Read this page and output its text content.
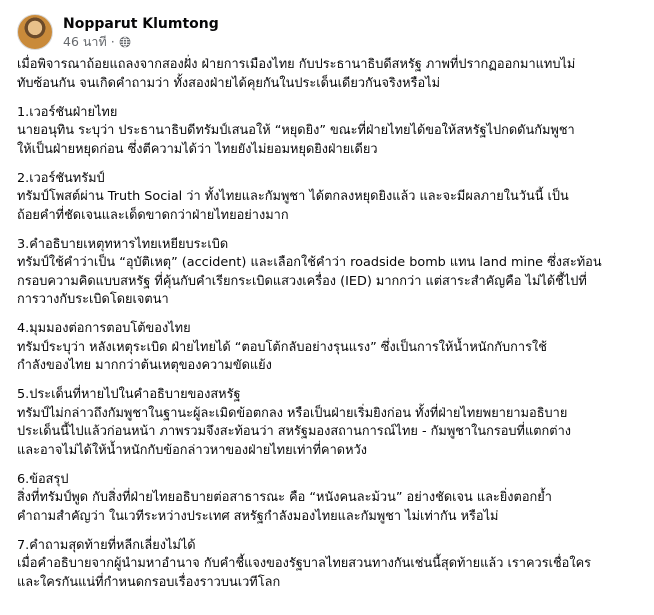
Nopparut Klumtong
46 นาที ·

เมื่อพิจารณาถ้อยแถลงจากสองฝั่ง ฝ่ายการเมืองไทย กับประธานาธิบดีสหรัฐ ภาพที่ปรากฏออกมาแทบไม่
ทับซ้อนกัน จนเกิดคำถามว่า ทั้งสองฝ่ายได้คุยกันในประเด็นเดียวกันจริงหรือไม่

1.เวอร์ชันฝ่ายไทย
นายอนุทิน ระบุว่า ประธานาธิบดีทรัมป์เสนอให้ “หยุดยิง” ขณะที่ฝ่ายไทยได้ขอให้สหรัฐไปกดดันกัมพูชา
ให้เป็นฝ่ายหยุดก่อน ซึ่งตีความได้ว่า ไทยยังไม่ยอมหยุดยิงฝ่ายเดียว

2.เวอร์ชันทรัมป์
ทรัมป์โพสต์ผ่าน Truth Social ว่า ทั้งไทยและกัมพูชา ได้ตกลงหยุดยิงแล้ว และจะมีผลภายในวันนี้ เป็น
ถ้อยคำที่ชัดเจนและเด็ดขาดกว่าฝ่ายไทยอย่างมาก

3.คำอธิบายเหตุทหารไทยเหยียบระเบิด
ทรัมป์ใช้คำว่าเป็น “อุบัติเหตุ” (accident) และเลือกใช้คำว่า roadside bomb แทน land mine ซึ่งสะท้อน
กรอบความคิดแบบสหรัฐ ที่คุ้นกับคำเรียกระเบิดแสวงเครื่อง (IED) มากกว่า แต่สาระสำคัญคือ ไม่ได้ชี้ไปที่
การวางกับระเบิดโดยเจตนา

4.มุมมองต่อการตอบโต้ของไทย
ทรัมป์ระบุว่า หลังเหตุระเบิด ฝ่ายไทยได้ “ตอบโต้กลับอย่างรุนแรง” ซึ่งเป็นการให้น้ำหนักกับการใช้
กำลังของไทย มากกว่าต้นเหตุของความขัดแย้ง

5.ประเด็นที่หายไปในคำอธิบายของสหรัฐ
ทรัมป์ไม่กล่าวถึงกัมพูชาในฐานะผู้ละเมิดข้อตกลง หรือเป็นฝ่ายเริ่มยิงก่อน ทั้งที่ฝ่ายไทยพยายามอธิบาย
ประเด็นนี้ไปแล้วก่อนหน้า ภาพรวมจึงสะท้อนว่า สหรัฐมองสถานการณ์ไทย - กัมพูชาในกรอบที่แตกต่าง
และอาจไม่ได้ให้น้ำหนักกับข้อกล่าวหาของฝ่ายไทยเท่าที่คาดหวัง

6.ข้อสรุป
สิ่งที่ทรัมป์พูด กับสิ่งที่ฝ่ายไทยอธิบายต่อสาธารณะ คือ “หนังคนละม้วน” อย่างชัดเจน และยิ่งตอกย้ำ
คำถามสำคัญว่า ในเวทีระหว่างประเทศ สหรัฐกำลังมองไทยและกัมพูชา ไม่เท่ากัน หรือไม่

7.คำถามสุดท้ายที่หลีกเลี่ยงไม่ได้
เมื่อคำอธิบายจากผู้นำมหาอำนาจ กับคำชี้แจงของรัฐบาลไทยสวนทางกันเช่นนี้สุดท้ายแล้ว เราควรเชื่อใคร
และใครกันแน่ที่กำหนดกรอบเรื่องราวบนเวทีโลก
